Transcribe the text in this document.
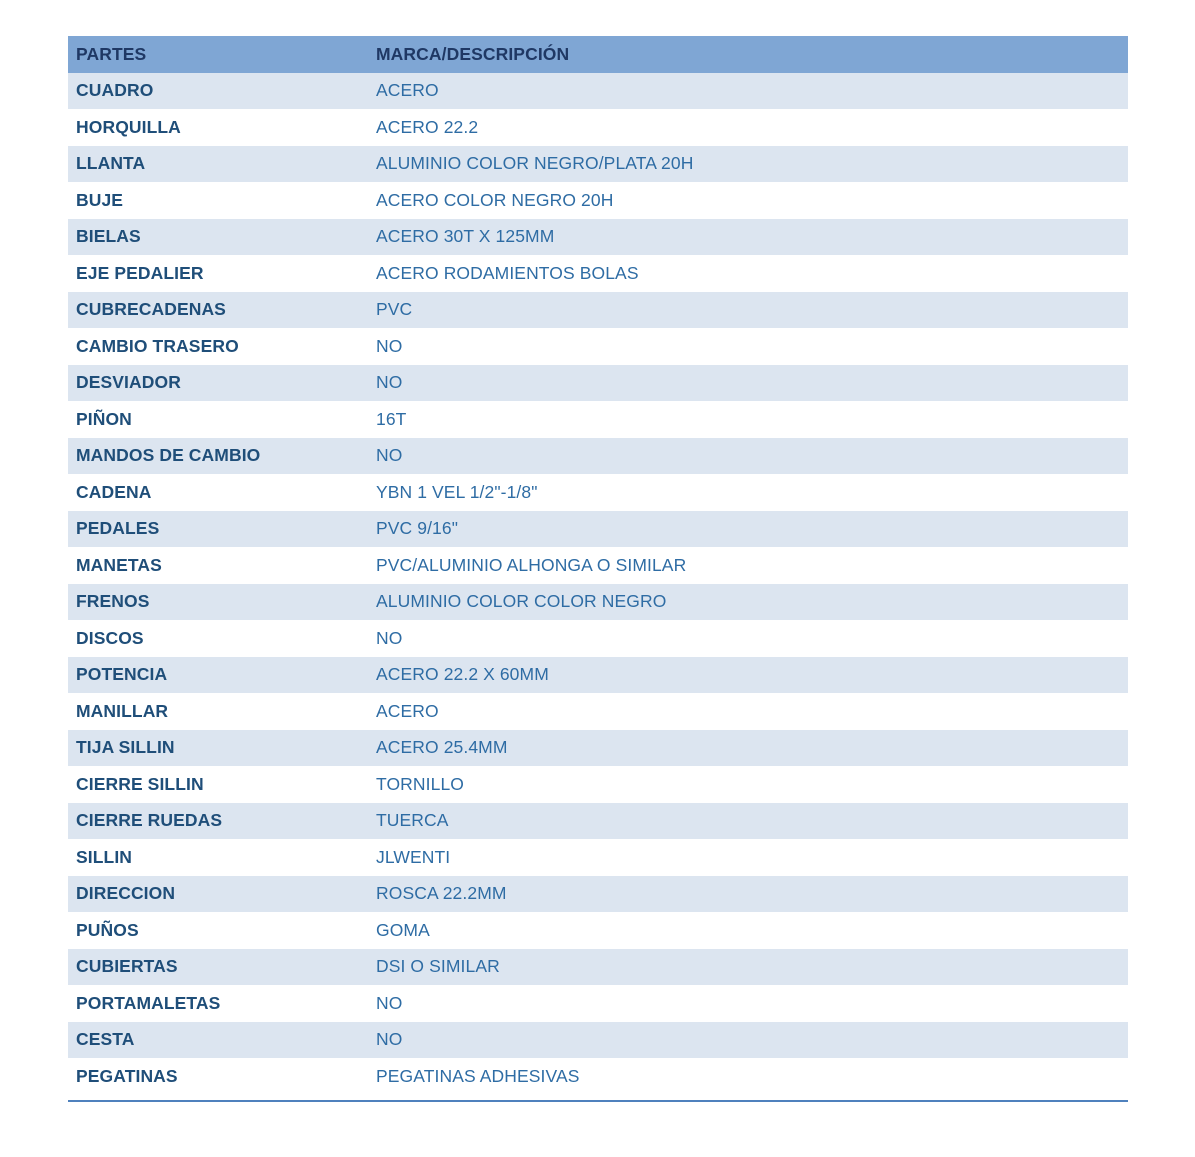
PARTES	MARCA/DESCRIPCIÓN
CUADRO	ACERO
HORQUILLA	ACERO 22.2
LLANTA	ALUMINIO COLOR NEGRO/PLATA 20H
BUJE	ACERO COLOR NEGRO 20H
BIELAS	ACERO 30T X 125MM
EJE PEDALIER	ACERO RODAMIENTOS BOLAS
CUBRECADENAS	PVC
CAMBIO TRASERO	NO
DESVIADOR	NO
PIÑON	16T
MANDOS DE CAMBIO	NO
CADENA	YBN 1 VEL 1/2"-1/8"
PEDALES	PVC 9/16"
MANETAS	PVC/ALUMINIO ALHONGA O SIMILAR
FRENOS	ALUMINIO COLOR COLOR NEGRO
DISCOS	NO
POTENCIA	ACERO 22.2 X 60MM
MANILLAR	ACERO
TIJA SILLIN	ACERO 25.4MM
CIERRE SILLIN	TORNILLO
CIERRE RUEDAS	TUERCA
SILLIN	JLWENTI
DIRECCION	ROSCA 22.2MM
PUÑOS	GOMA
CUBIERTAS	DSI O SIMILAR
PORTAMALETAS	NO
CESTA	NO
PEGATINAS	PEGATINAS ADHESIVAS
